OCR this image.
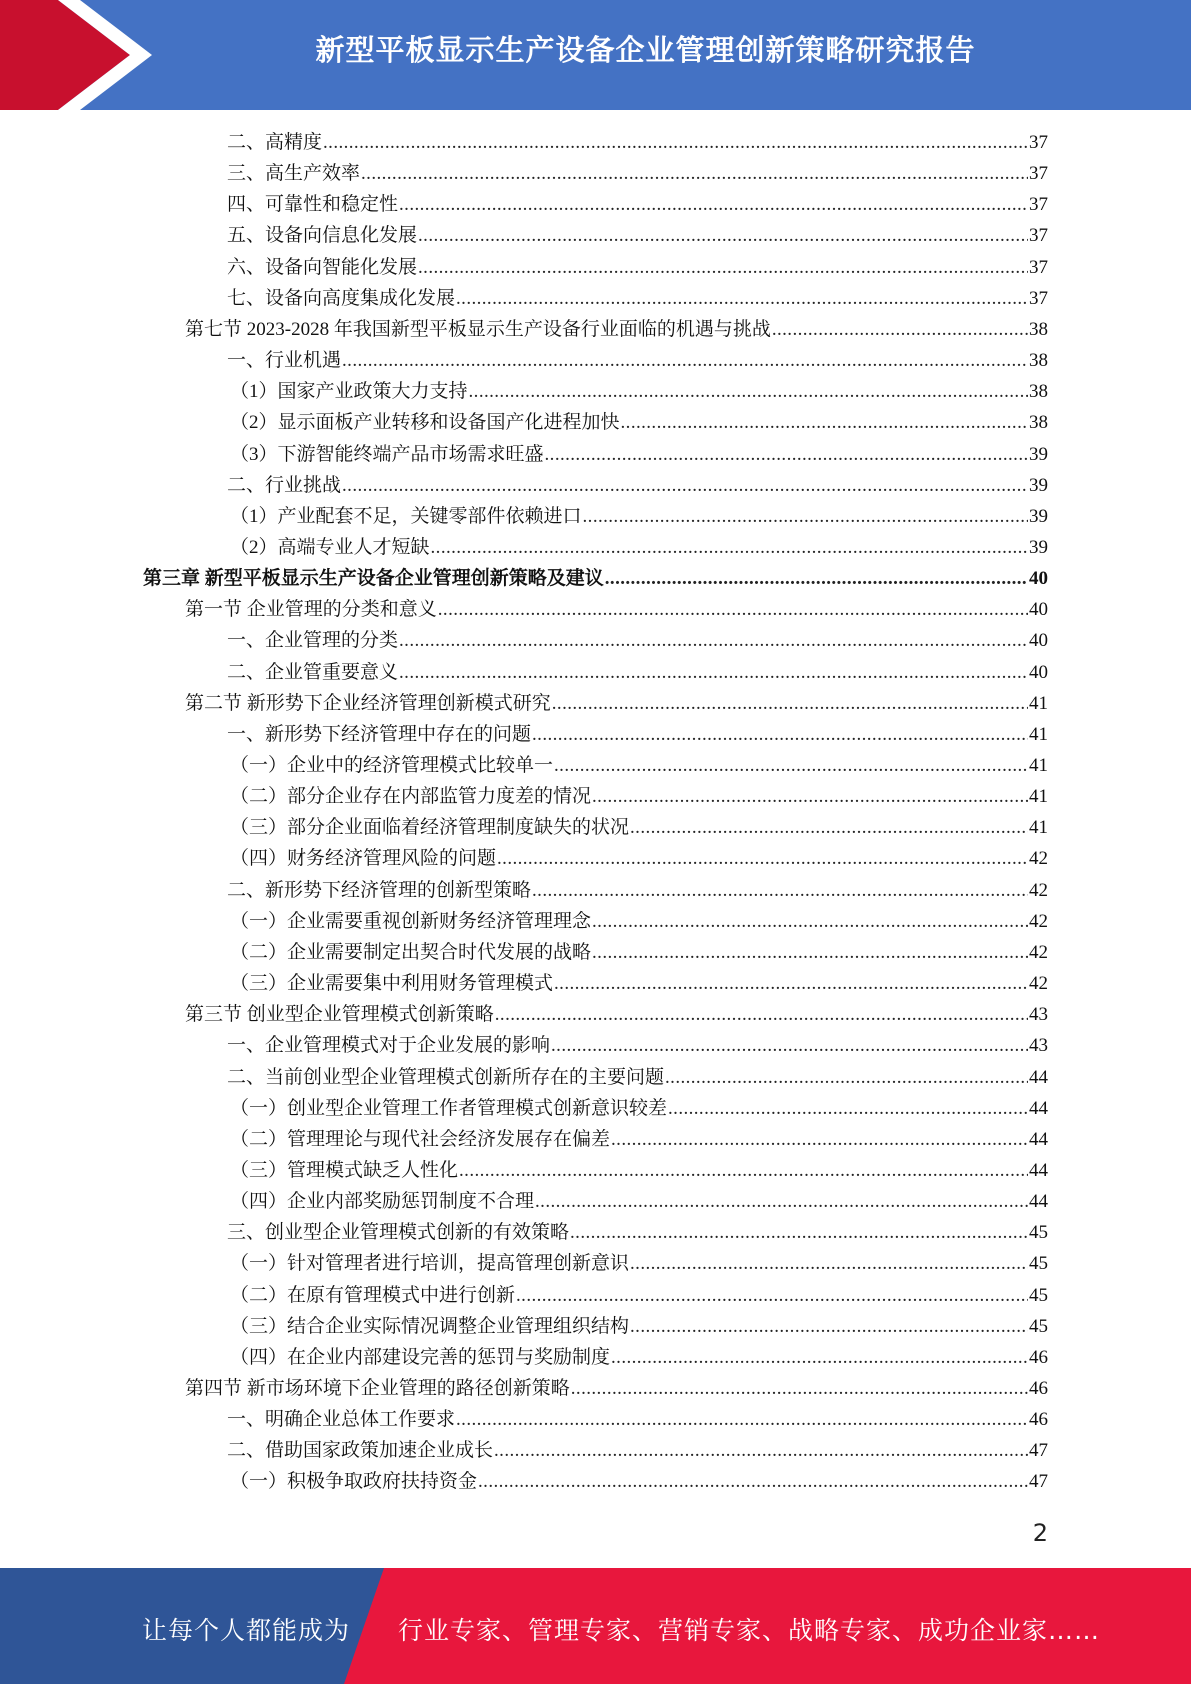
新型平板显示生产设备企业管理创新策略研究报告
二、高精度 .....	37
三、高生产效率 .....	37
四、可靠性和稳定性 .....	37
五、设备向信息化发展 .....	37
六、设备向智能化发展 .....	37
七、设备向高度集成化发展 .....	37
第七节 2023-2028 年我国新型平板显示生产设备行业面临的机遇与挑战 .....	38
一、行业机遇 .....	38
（1）国家产业政策大力支持 .....	38
（2）显示面板产业转移和设备国产化进程加快 .....	38
（3）下游智能终端产品市场需求旺盛 .....	39
二、行业挑战 .....	39
（1）产业配套不足，关键零部件依赖进口 .....	39
（2）高端专业人才短缺 .....	39
第三章 新型平板显示生产设备企业管理创新策略及建议 .....	40
第一节 企业管理的分类和意义 .....	40
一、企业管理的分类 .....	40
二、企业管重要意义 .....	40
第二节 新形势下企业经济管理创新模式研究 .....	41
一、新形势下经济管理中存在的问题 .....	41
（一）企业中的经济管理模式比较单一 .....	41
（二）部分企业存在内部监管力度差的情况 .....	41
（三）部分企业面临着经济管理制度缺失的状况 .....	41
（四）财务经济管理风险的问题 .....	42
二、新形势下经济管理的创新型策略 .....	42
（一）企业需要重视创新财务经济管理理念 .....	42
（二）企业需要制定出契合时代发展的战略 .....	42
（三）企业需要集中利用财务管理模式 .....	42
第三节 创业型企业管理模式创新策略 .....	43
一、企业管理模式对于企业发展的影响 .....	43
二、当前创业型企业管理模式创新所存在的主要问题 .....	44
（一）创业型企业管理工作者管理模式创新意识较差 .....	44
（二）管理理论与现代社会经济发展存在偏差 .....	44
（三）管理模式缺乏人性化 .....	44
（四）企业内部奖励惩罚制度不合理 .....	44
三、创业型企业管理模式创新的有效策略 .....	45
（一）针对管理者进行培训，提高管理创新意识 .....	45
（二）在原有管理模式中进行创新 .....	45
（三）结合企业实际情况调整企业管理组织结构 .....	45
（四）在企业内部建设完善的惩罚与奖励制度 .....	46
第四节 新市场环境下企业管理的路径创新策略 .....	46
一、明确企业总体工作要求 .....	46
二、借助国家政策加速企业成长 .....	47
（一）积极争取政府扶持资金 .....	47
2
让每个人都能成为 行业专家、管理专家、营销专家、战略专家、成功企业家……
